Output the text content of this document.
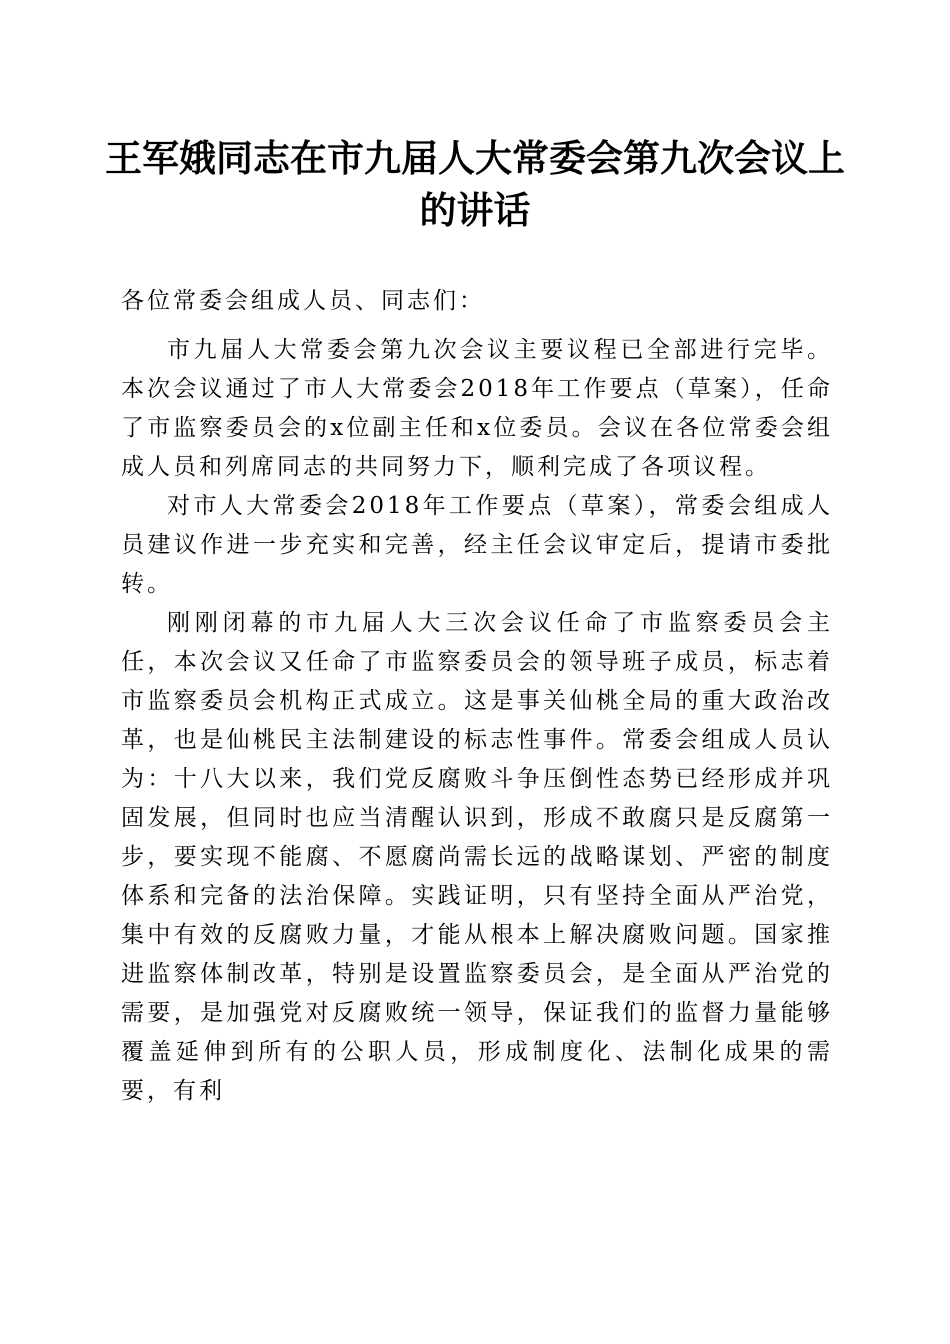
王军娥同志在市九届人大常委会第九次会议上
的讲话

各位常委会组成人员、同志们：

市九届人大常委会第九次会议主要议程已全部进行完毕。本次会议通过了市人大常委会2018年工作要点（草案），任命了市监察委员会的x位副主任和x位委员。会议在各位常委会组成人员和列席同志的共同努力下，顺利完成了各项议程。

对市人大常委会2018年工作要点（草案），常委会组成人员建议作进一步充实和完善，经主任会议审定后，提请市委批转。

刚刚闭幕的市九届人大三次会议任命了市监察委员会主任，本次会议又任命了市监察委员会的领导班子成员，标志着市监察委员会机构正式成立。这是事关仙桃全局的重大政治改革，也是仙桃民主法制建设的标志性事件。常委会组成人员认为：十八大以来，我们党反腐败斗争压倒性态势已经形成并巩固发展，但同时也应当清醒认识到，形成不敢腐只是反腐第一步，要实现不能腐、不愿腐尚需长远的战略谋划、严密的制度体系和完备的法治保障。实践证明，只有坚持全面从严治党，集中有效的反腐败力量，才能从根本上解决腐败问题。国家推进监察体制改革，特别是设置监察委员会，是全面从严治党的需要，是加强党对反腐败统一领导，保证我们的监督力量能够覆盖延伸到所有的公职人员，形成制度化、法制化成果的需要，有利
